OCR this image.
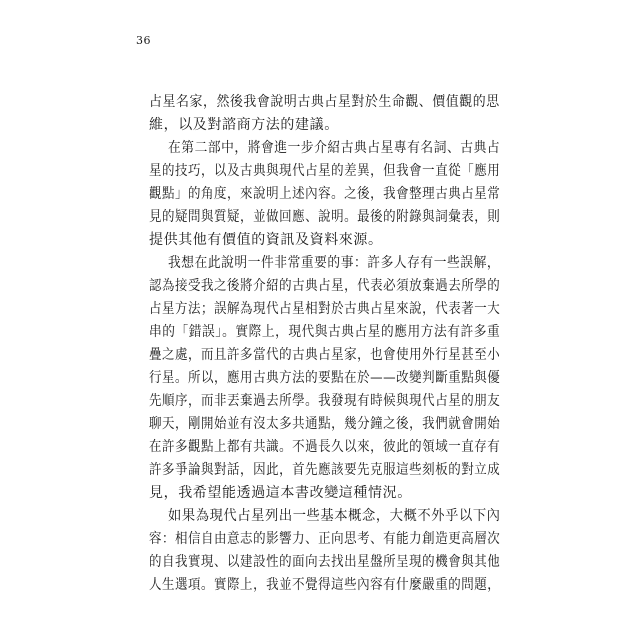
36
占星名家，然後我會說明古典占星對於生命觀、價值觀的思
維，以及對諮商方法的建議。
在第二部中，將會進一步介紹古典占星專有名詞、古典占
星的技巧，以及古典與現代占星的差異，但我會一直從「應用
觀點」的角度，來說明上述內容。之後，我會整理古典占星常
見的疑問與質疑，並做回應、說明。最後的附錄與詞彙表，則
提供其他有價值的資訊及資料來源。
我想在此說明一件非常重要的事：許多人存有一些誤解，
認為接受我之後將介紹的古典占星，代表必須放棄過去所學的
占星方法；誤解為現代占星相對於古典占星來說，代表著一大
串的「錯誤」。實際上，現代與古典占星的應用方法有許多重
疊之處，而且許多當代的古典占星家，也會使用外行星甚至小
行星。所以，應用古典方法的要點在於——改變判斷重點與優
先順序，而非丟棄過去所學。我發現有時候與現代占星的朋友
聊天，剛開始並有沒太多共通點，幾分鐘之後，我們就會開始
在許多觀點上都有共識。不過長久以來，彼此的領域一直存有
許多爭論與對話，因此，首先應該要先克服這些刻板的對立成
見，我希望能透過這本書改變這種情況。
如果為現代占星列出一些基本概念，大概不外乎以下內
容：相信自由意志的影響力、正向思考、有能力創造更高層次
的自我實現、以建設性的面向去找出星盤所呈現的機會與其他
人生選項。實際上，我並不覺得這些內容有什麼嚴重的問題，
